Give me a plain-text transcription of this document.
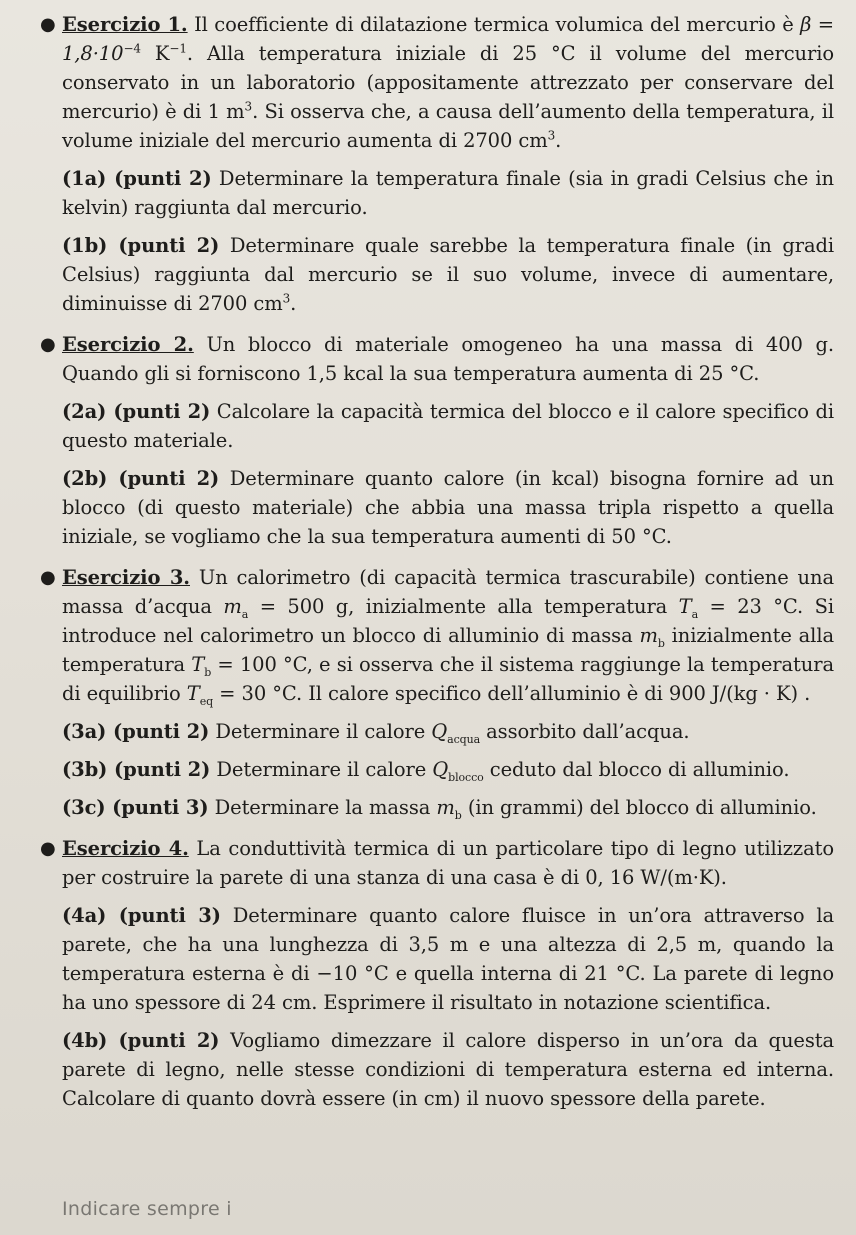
● Esercizio 1. Il coefficiente di dilatazione termica volumica del mercurio è $\beta = 1,8\cdot 10^{-4}$ $K^{-1}$. Alla temperatura iniziale di 25 °C il volume del mercurio conservato in un laboratorio (appositamente attrezzato per conservare del mercurio) è di 1 $m^3$. Si osserva che, a causa dell’aumento della temperatura, il volume iniziale del mercurio aumenta di 2700 $cm^3$.

(1a) (punti 2) Determinare la temperatura finale (sia in gradi Celsius che in kelvin) raggiunta dal mercurio.

(1b) (punti 2) Determinare quale sarebbe la temperatura finale (in gradi Celsius) raggiunta dal mercurio se il suo volume, invece di aumentare, diminuisse di 2700 $cm^3$.

● Esercizio 2. Un blocco di materiale omogeneo ha una massa di 400 g. Quando gli si forniscono 1,5 kcal la sua temperatura aumenta di 25 °C.

(2a) (punti 2) Calcolare la capacità termica del blocco e il calore specifico di questo materiale.

(2b) (punti 2) Determinare quanto calore (in kcal) bisogna fornire ad un blocco (di questo materiale) che abbia una massa tripla rispetto a quella iniziale, se vogliamo che la sua temperatura aumenti di 50 °C.

● Esercizio 3. Un calorimetro (di capacità termica trascurabile) contiene una massa d’acqua $m_a = 500$ g, inizialmente alla temperatura $T_a = 23$ °C. Si introduce nel calorimetro un blocco di alluminio di massa $m_b$ inizialmente alla temperatura $T_b = 100$ °C, e si osserva che il sistema raggiunge la temperatura di equilibrio $T_{eq} = 30$ °C. Il calore specifico dell’alluminio è di 900 J/(kg · K) .

(3a) (punti 2) Determinare il calore $Q_{acqua}$ assorbito dall’acqua.

(3b) (punti 2) Determinare il calore $Q_{blocco}$ ceduto dal blocco di alluminio.

(3c) (punti 3) Determinare la massa $m_b$ (in grammi) del blocco di alluminio.

● Esercizio 4. La conduttività termica di un particolare tipo di legno utilizzato per costruire la parete di una stanza di una casa è di 0, 16 W/(m·K).

(4a) (punti 3) Determinare quanto calore fluisce in un’ora attraverso la parete, che ha una lunghezza di 3,5 m e una altezza di 2,5 m, quando la temperatura esterna è di −10 °C e quella interna di 21 °C. La parete di legno ha uno spessore di 24 cm. Esprimere il risultato in notazione scientifica.

(4b) (punti 2) Vogliamo dimezzare il calore disperso in un’ora da questa parete di legno, nelle stesse condizioni di temperatura esterna ed interna. Calcolare di quanto dovrà essere (in cm) il nuovo spessore della parete.

Indicare sempre i
